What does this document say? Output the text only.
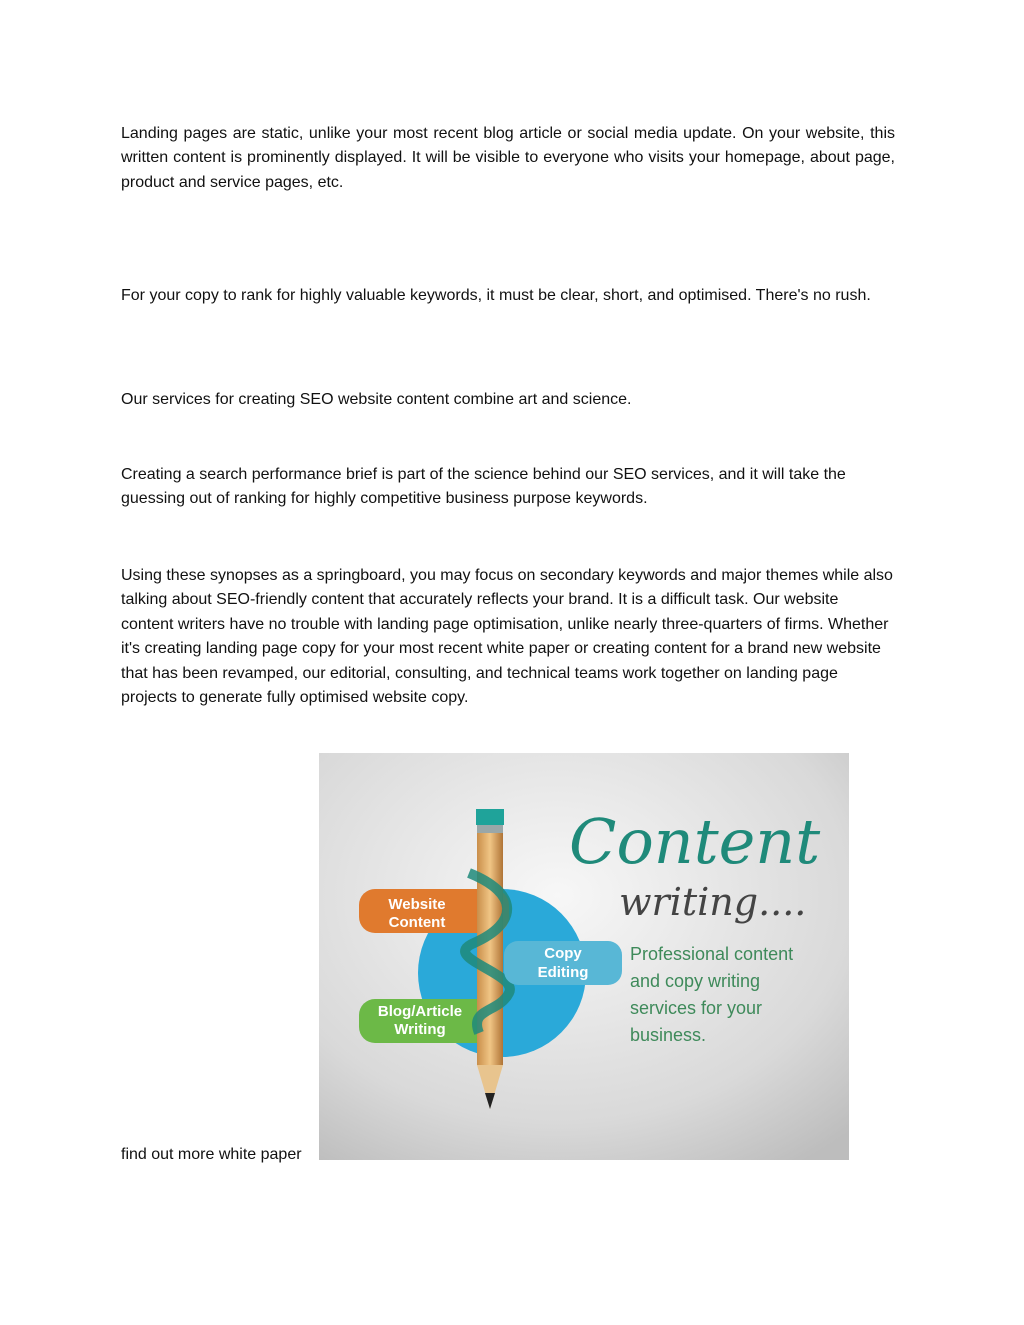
Landing pages are static, unlike your most recent blog article or social media update. On your website, this written content is prominently displayed. It will be visible to everyone who visits your homepage, about page, product and service pages, etc.

For your copy to rank for highly valuable keywords, it must be clear, short, and optimised. There's no rush.

Our services for creating SEO website content combine art and science.

Creating a search performance brief is part of the science behind our SEO services, and it will take the guessing out of ranking for highly competitive business purpose keywords.

Using these synopses as a springboard, you may focus on secondary keywords and major themes while also talking about SEO-friendly content that accurately reflects your brand. It is a difficult task. Our website content writers have no trouble with landing page optimisation, unlike nearly three-quarters of firms. Whether it's creating landing page copy for your most recent white paper or creating content for a brand new website that has been revamped, our editorial, consulting, and technical teams work together on landing page projects to generate fully optimised website copy.

find out more white paper
Website
Content
Blog/Article
Writing
Copy
Editing
Content
writing....
Professional content
and copy writing
services for your
business.
